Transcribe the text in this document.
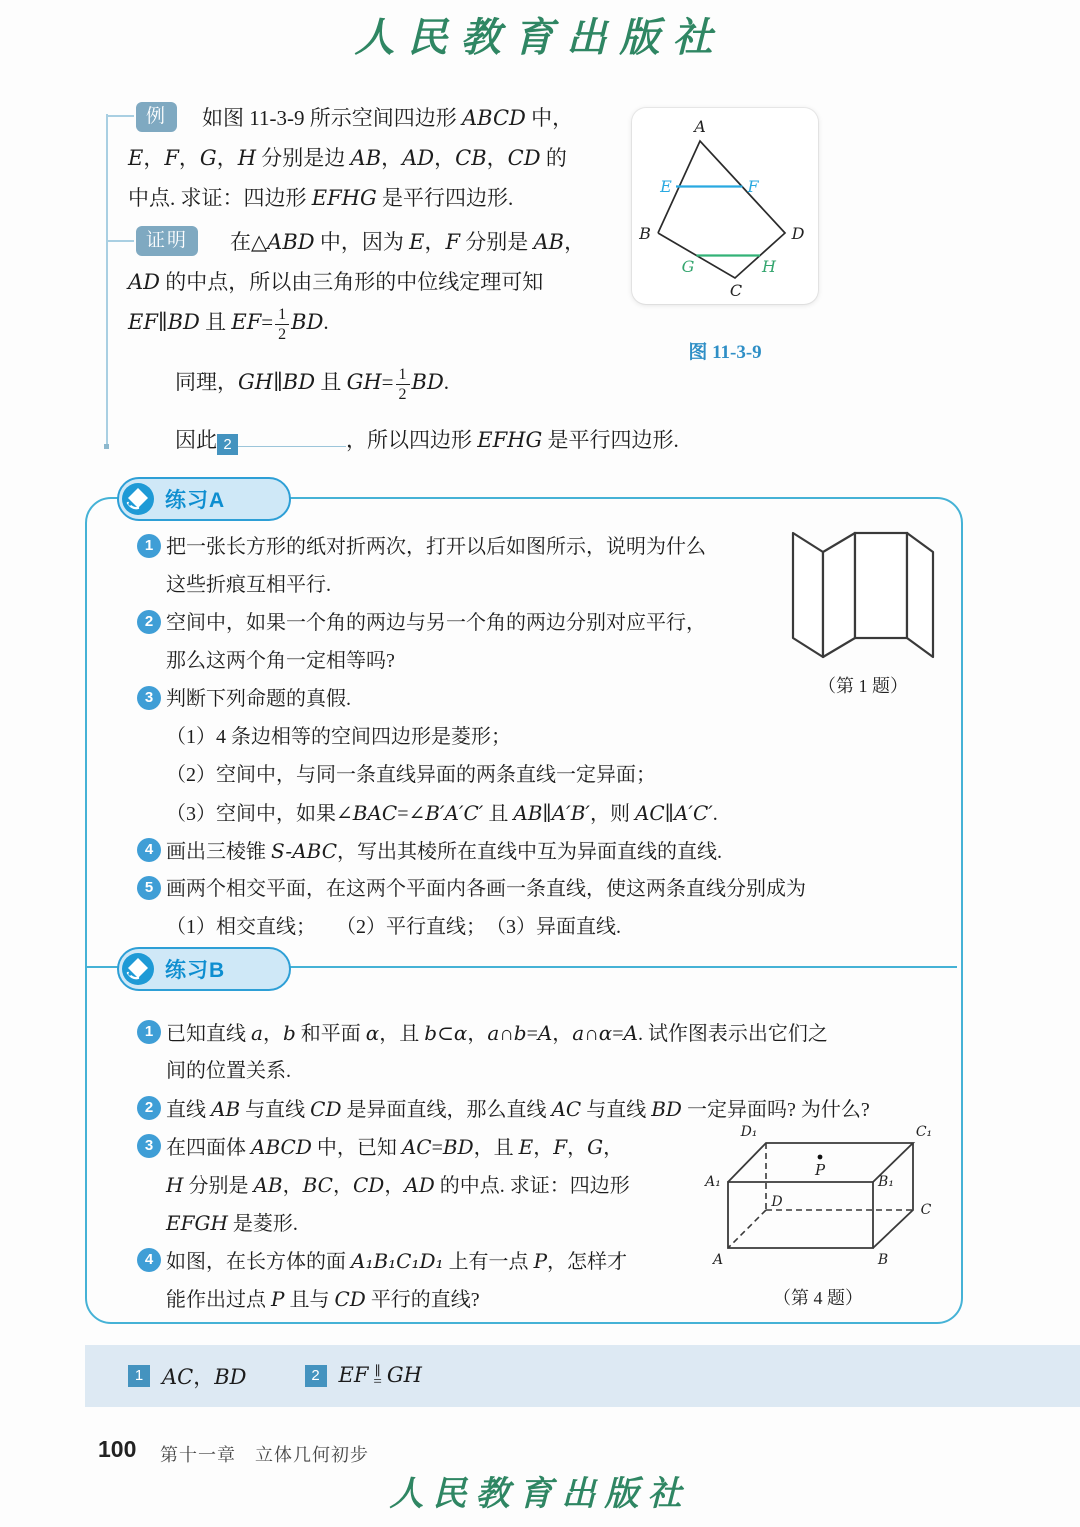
人民教育出版社
例	如图 11-3-9 所示空间四边形 ABCD 中，
E，F，G，H 分别是边 AB，AD，CB，CD 的
中点. 求证：四边形 EFHG 是平行四边形.
证明	在△ABD 中，因为 E，F 分别是 AB，
AD 的中点，所以由三角形的中位线定理可知
EF∥BD 且 $EF= \frac{1}{2}$ BD.
同理，GH∥BD 且 $GH= \frac{1}{2}$ BD.
因此 2	，所以四边形 EFHG 是平行四边形.
A
B
C
D
E	F
G	H
图 11-3-9
练习A
1 把一张长方形的纸对折两次，打开以后如图所示，说明为什么
这些折痕互相平行.
2 空间中，如果一个角的两边与另一个角的两边分别对应平行，
那么这两个角一定相等吗?
3 判断下列命题的真假.
（1）4 条边相等的空间四边形是菱形；
（2）空间中，与同一条直线异面的两条直线一定异面；
（3）空间中，如果∠BAC=∠B′A′C′ 且 AB∥A′B′，则 AC∥A′C′.
4 画出三棱锥 S-ABC，写出其棱所在直线中互为异面直线的直线.
5 画两个相交平面，在这两个平面内各画一条直线，使这两条直线分别成为
（1）相交直线；　　（2）平行直线；　（3）异面直线.
（第 1 题）
练习B
1 已知直线 a，b 和平面 α，且 b⊂α，a∩b=A，a∩α=A. 试作图表示出它们之
间的位置关系.
2 直线 AB 与直线 CD 是异面直线，那么直线 AC 与直线 BD 一定异面吗? 为什么?
3 在四面体 ABCD 中，已知 AC=BD，且 E，F，G，
H 分别是 AB，BC，CD，AD 的中点. 求证：四边形
EFGH 是菱形.
4 如图，在长方体的面 A₁B₁C₁D₁ 上有一点 P，怎样才
能作出过点 P 且与 CD 平行的直线?
D₁	C₁
A₁	B₁
D	C
A	B
P
（第 4 题）
1 AC，BD	2 EF ∥
= GH
100 第十一章　立体几何初步
人民教育出版社
